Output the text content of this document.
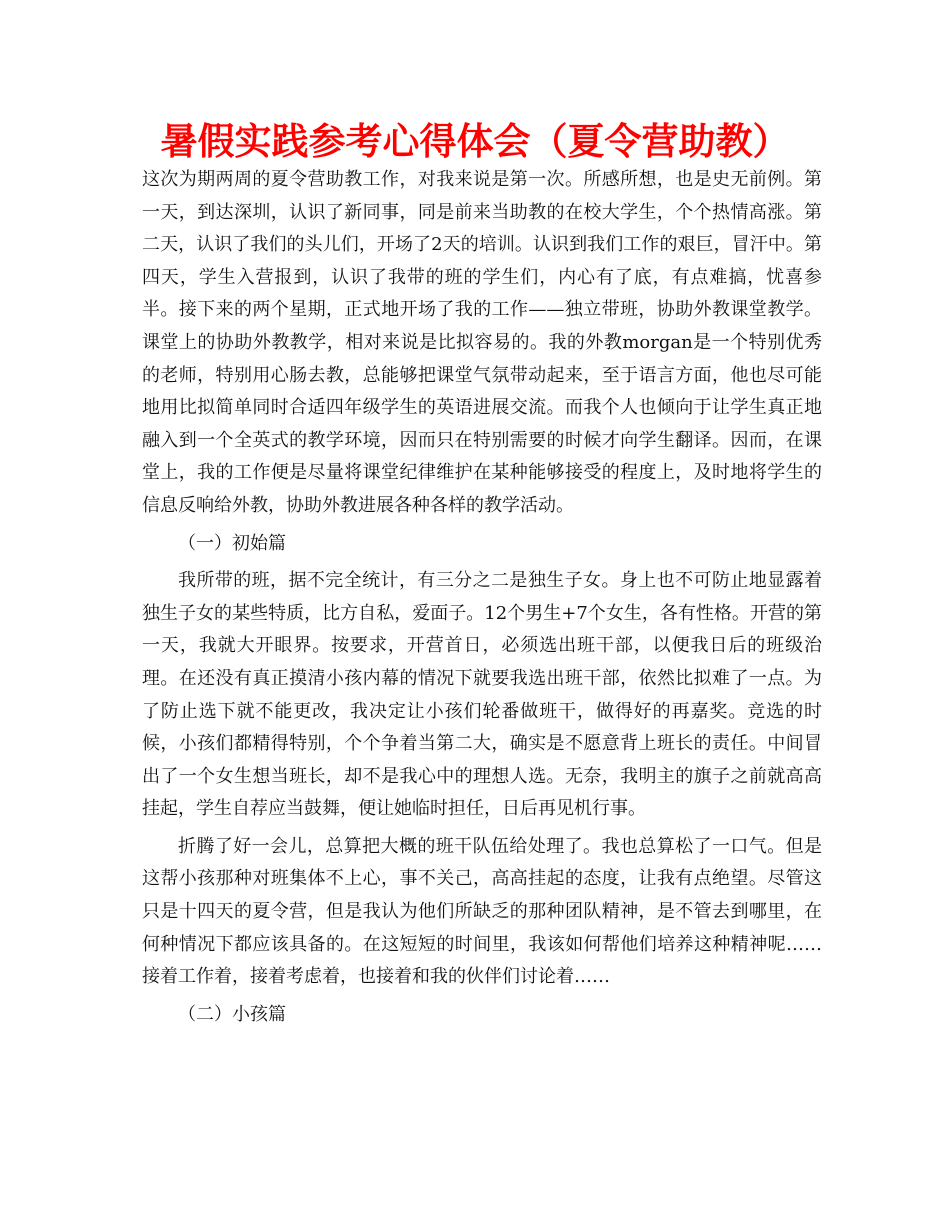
暑假实践参考心得体会（夏令营助教）

这次为期两周的夏令营助教工作，对我来说是第一次。所感所想，也是史无前例。第一天，到达深圳，认识了新同事，同是前来当助教的在校大学生，个个热情高涨。第二天，认识了我们的头儿们，开场了2天的培训。认识到我们工作的艰巨，冒汗中。第四天，学生入营报到，认识了我带的班的学生们，内心有了底，有点难搞，忧喜参半。接下来的两个星期，正式地开场了我的工作——独立带班，协助外教课堂教学。课堂上的协助外教教学，相对来说是比拟容易的。我的外教morgan是一个特别优秀的老师，特别用心肠去教，总能够把课堂气氛带动起来，至于语言方面，他也尽可能地用比拟简单同时合适四年级学生的英语进展交流。而我个人也倾向于让学生真正地融入到一个全英式的教学环境，因而只在特别需要的时候才向学生翻译。因而，在课堂上，我的工作便是尽量将课堂纪律维护在某种能够接受的程度上，及时地将学生的信息反响给外教，协助外教进展各种各样的教学活动。

（一）初始篇

我所带的班，据不完全统计，有三分之二是独生子女。身上也不可防止地显露着独生子女的某些特质，比方自私，爱面子。12个男生+7个女生，各有性格。开营的第一天，我就大开眼界。按要求，开营首日，必须选出班干部，以便我日后的班级治理。在还没有真正摸清小孩内幕的情况下就要我选出班干部，依然比拟难了一点。为了防止选下就不能更改，我决定让小孩们轮番做班干，做得好的再嘉奖。竞选的时候，小孩们都精得特别，个个争着当第二大，确实是不愿意背上班长的责任。中间冒出了一个女生想当班长，却不是我心中的理想人选。无奈，我明主的旗子之前就高高挂起，学生自荐应当鼓舞，便让她临时担任，日后再见机行事。

折腾了好一会儿，总算把大概的班干队伍给处理了。我也总算松了一口气。但是这帮小孩那种对班集体不上心，事不关己，高高挂起的态度，让我有点绝望。尽管这只是十四天的夏令营，但是我认为他们所缺乏的那种团队精神，是不管去到哪里，在何种情况下都应该具备的。在这短短的时间里，我该如何帮他们培养这种精神呢……接着工作着，接着考虑着，也接着和我的伙伴们讨论着……

（二）小孩篇
